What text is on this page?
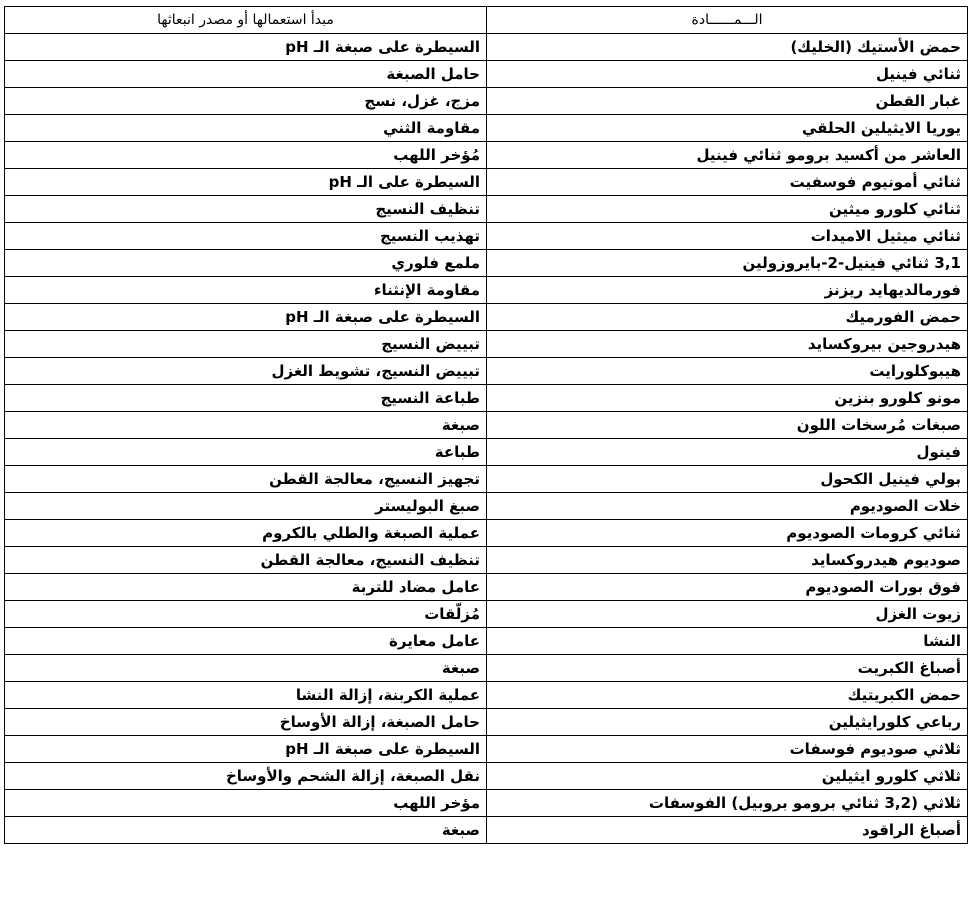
الـــمــــــادة	مبدأ استعمالها أو مصدر انبعاثها
حمض الأستيك (الخليك)	السيطرة على صبغة الـ pH
ثنائي فينيل	حامل الصبغة
غبار القطن	مزج، غزل، نسج
يوريا الايثيلين الحلقي	مقاومة الثني
العاشر من أكسيد برومو ثنائي فينيل	مُؤخر اللهب
ثنائي أمونيوم فوسفيت	السيطرة على الـ pH
ثنائي كلورو ميثين	تنظيف النسيج
ثنائي ميثيل الاميدات	تهذيب النسيج
3,1 ثنائي فينيل-2-بايروزولين	ملمع فلوري
فورمالديهايد ريزنز	مقاومة الإنثناء
حمض الفورميك	السيطرة على صبغة الـ pH
هيدروجين بيروكسايد	تبييض النسيج
هيبوكلورايت	تبييض النسيج، تشويط الغزل
مونو كلورو بنزين	طباعة النسيج
صبغات مُرسخات اللون	صبغة
فينول	طباعة
بولي فينيل الكحول	تجهيز النسيج، معالجة القطن
خلات الصوديوم	صبغ البوليستر
ثنائي كرومات الصوديوم	عملية الصبغة والطلي بالكروم
صوديوم هيدروكسايد	تنظيف النسيج، معالجة القطن
فوق بورات الصوديوم	عامل مضاد للتربة
زيوت الغزل	مُزلّقات
النشا	عامل معايرة
أصباغ الكبريت	صبغة
حمض الكبريتيك	عملية الكربنة، إزالة النشا
رباعي كلورايثيلين	حامل الصبغة، إزالة الأوساخ
ثلاثي صوديوم فوسفات	السيطرة على صبغة الـ pH
ثلاثي كلورو ايثيلين	نقل الصبغة، إزالة الشحم والأوساخ
ثلاثي (3,2 ثنائي برومو بروبيل) الفوسفات	مؤخر اللهب
أصباغ الراقود	صبغة
